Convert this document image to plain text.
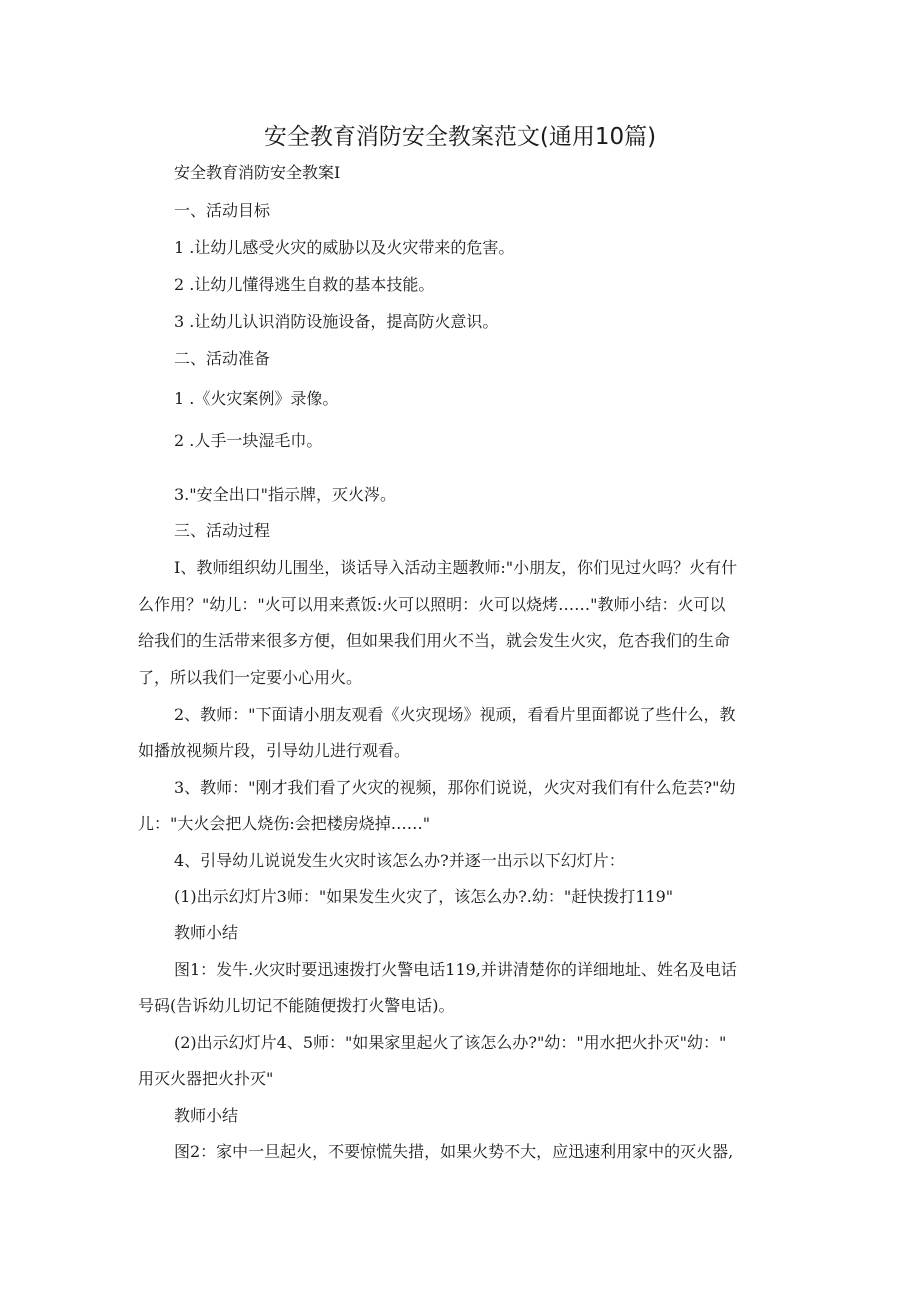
安全教育消防安全教案范文(通用10篇)
安全教育消防安全教案I
一、活动目标
1 .让幼儿感受火灾的威胁以及火灾带来的危害。
2 .让幼儿懂得逃生自救的基本技能。
3 .让幼儿认识消防设施设备，提高防火意识。
二、活动准备
1 .《火灾案例》录像。
2 .人手一块湿毛巾。
3."安全出口"指示牌，灭火涔。
三、活动过程
I、教师组织幼儿围坐，谈话导入活动主题教师:"小朋友，你们见过火吗？火有什
么作用？"幼儿："火可以用来煮饭:火可以照明：火可以烧烤……"教师小结：火可以
给我们的生活带来很多方便，但如果我们用火不当，就会发生火灾，危杏我们的生命
了，所以我们一定要小心用火。
2、教师："下面请小朋友观看《火灾现场》视顽，看看片里面都说了些什么，教
如播放视频片段，引导幼儿进行观看。
3、教师："刚才我们看了火灾的视频，那你们说说，火灾对我们有什么危芸?"幼
儿："大火会把人烧伤:会把楼房烧掉……"
4、引导幼儿说说发生火灾时该怎么办?并逐一出示以下幻灯片：
(1)出示幻灯片3师："如果发生火灾了，该怎么办?.幼："赶快拨打119"
教师小结
图1：发牛.火灾时要迅速拨打火警电话119,并讲清楚你的详细地址、姓名及电话
号码(告诉幼儿切记不能随便拨打火警电话)。
(2)出示幻灯片4、5师："如果家里起火了该怎么办?"幼："用水把火扑灭"幼："
用灭火器把火扑灭"
教师小结
图2：家中一旦起火，不要惊慌失措，如果火势不大，应迅速利用家中的灭火器,
